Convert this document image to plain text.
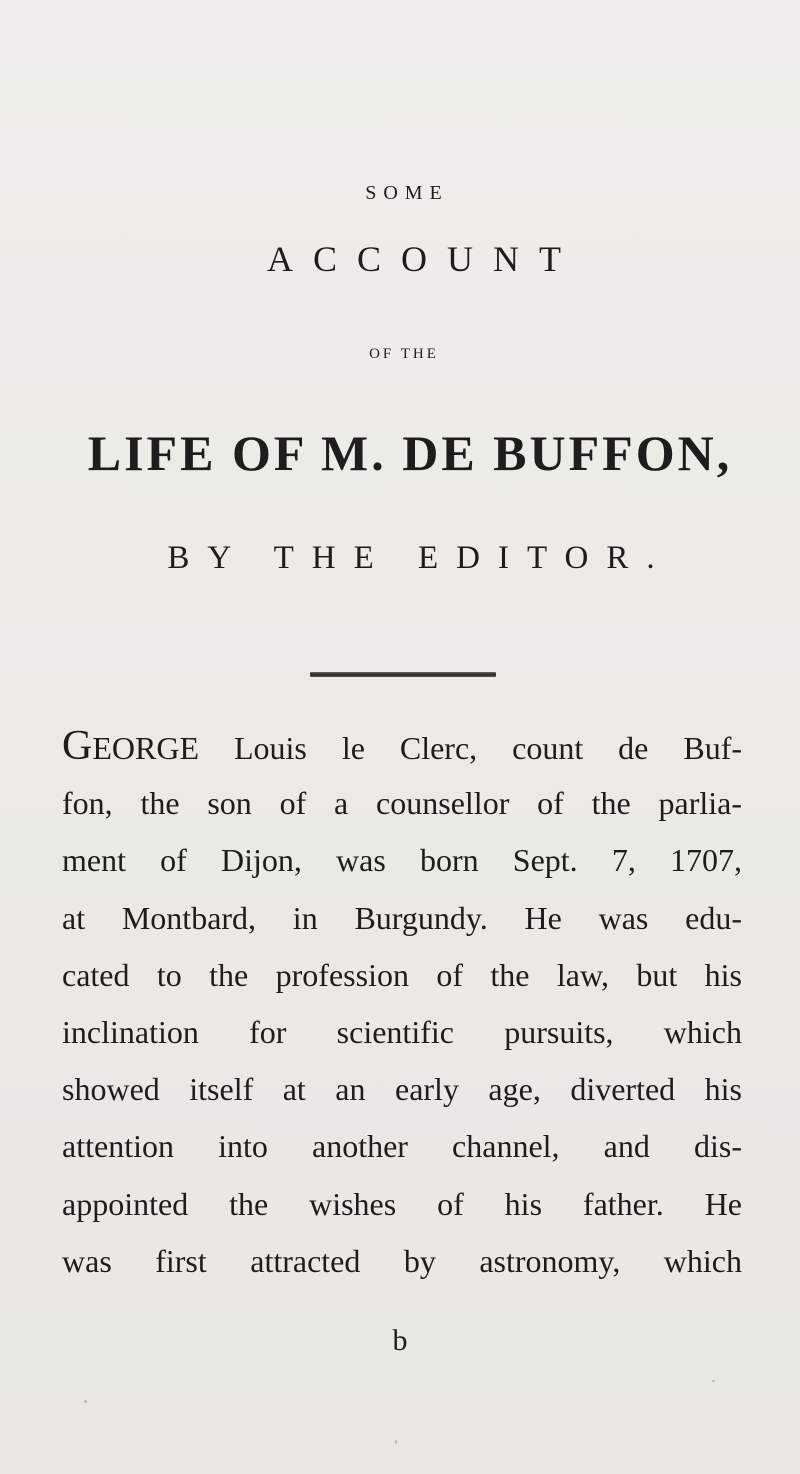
SOME
ACCOUNT
OF THE
LIFE OF M. DE BUFFON,
BY THE EDITOR.
GEORGE Louis le Clerc, count de Buf-
fon, the son of a counsellor of the parlia-
ment of Dijon, was born Sept. 7, 1707,
at Montbard, in Burgundy. He was edu-
cated to the profession of the law, but his
inclination for scientific pursuits, which
showed itself at an early age, diverted his
attention into another channel, and dis-
appointed the wishes of his father. He
was first attracted by astronomy, which
b
